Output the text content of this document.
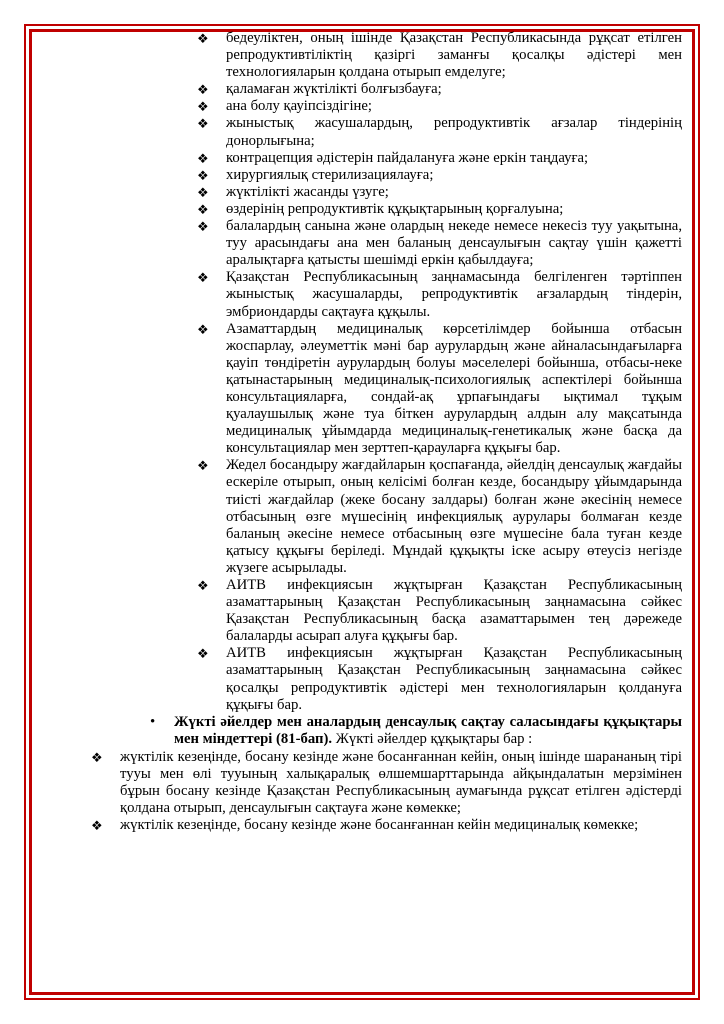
❖	бедеуліктен, оның ішінде Қазақстан Республикасында рұқсат етілген репродуктивтіліктің қазіргі заманғы қосалқы әдістері мен технологияларын қолдана отырып емделуге;
❖	қаламаған жүктілікті болғызбауға;
❖	ана болу қауіпсіздігіне;
❖	жыныстық жасушалардың, репродуктивтік ағзалар тіндерінің донорлығына;
❖	контрацепция әдістерін пайдалануға және еркін таңдауға;
❖	хирургиялық стерилизациялауға;
❖	жүктілікті жасанды үзуге;
❖	өздерінің репродуктивтік құқықтарының қорғалуына;
❖	балалардың санына және олардың некеде немесе некесіз туу уақытына, туу арасындағы ана мен баланың денсаулығын сақтау үшін қажетті аралықтарға қатысты шешімді еркін қабылдауға;
❖	Қазақстан Республикасының заңнамасында белгіленген тәртіппен жыныстық жасушаларды, репродуктивтік ағзалардың тіндерін, эмбриондарды сақтауға құқылы.
❖	Азаматтардың медициналық көрсетілімдер бойынша отбасын жоспарлау, әлеуметтік мәні бар аурулардың және айналасындағыларға қауіп төндіретін аурулардың болуы мәселелері бойынша, отбасы-неке қатынастарының медициналық-психологиялық аспектілері бойынша консультацияларға, сондай-ақ ұрпағындағы ықтимал тұқым қуалаушылық және туа біткен аурулардың алдын алу мақсатында медициналық ұйымдарда медициналық-генетикалық және басқа да консультациялар мен зерттеп-қарауларға құқығы бар.
❖	Жедел босандыру жағдайларын қоспағанда, әйелдің денсаулық жағдайы ескеріле отырып, оның келісімі болған кезде, босандыру ұйымдарында тиісті жағдайлар (жеке босану залдары) болған және әкесінің немесе отбасының өзге мүшесінің инфекциялық аурулары болмаған кезде баланың әкесіне немесе отбасының өзге мүшесіне бала туған кезде қатысу құқығы беріледі. Мұндай құқықты іске асыру өтеусіз негізде жүзеге асырылады.
❖	АИТВ инфекциясын жұқтырған Қазақстан Республикасының азаматтарының Қазақстан Республикасының заңнамасына сәйкес Қазақстан Республикасының басқа азаматтарымен тең дәрежеде балаларды асырап алуға құқығы бар.
❖	АИТВ инфекциясын жұқтырған Қазақстан Республикасының азаматтарының Қазақстан Республикасының заңнамасына сәйкес қосалқы репродуктивтік әдістері мен технологияларын қолдануға құқығы бар.
•	Жүкті әйелдер мен аналардың денсаулық сақтау саласындағы құқықтары мен міндеттері (81-бап). Жүкті әйелдер құқықтары бар :
❖	жүктілік кезеңінде, босану кезінде және босанғаннан кейін, оның ішінде шарананың тірі тууы мен өлі тууының халықаралық өлшемшарттарында айқындалатын мерзімінен бұрын босану кезінде Қазақстан Республикасының аумағында рұқсат етілген әдістерді қолдана отырып, денсаулығын сақтауға және көмекке;
❖	жүктілік кезеңінде, босану кезінде және босанғаннан кейін медициналық көмекке;
